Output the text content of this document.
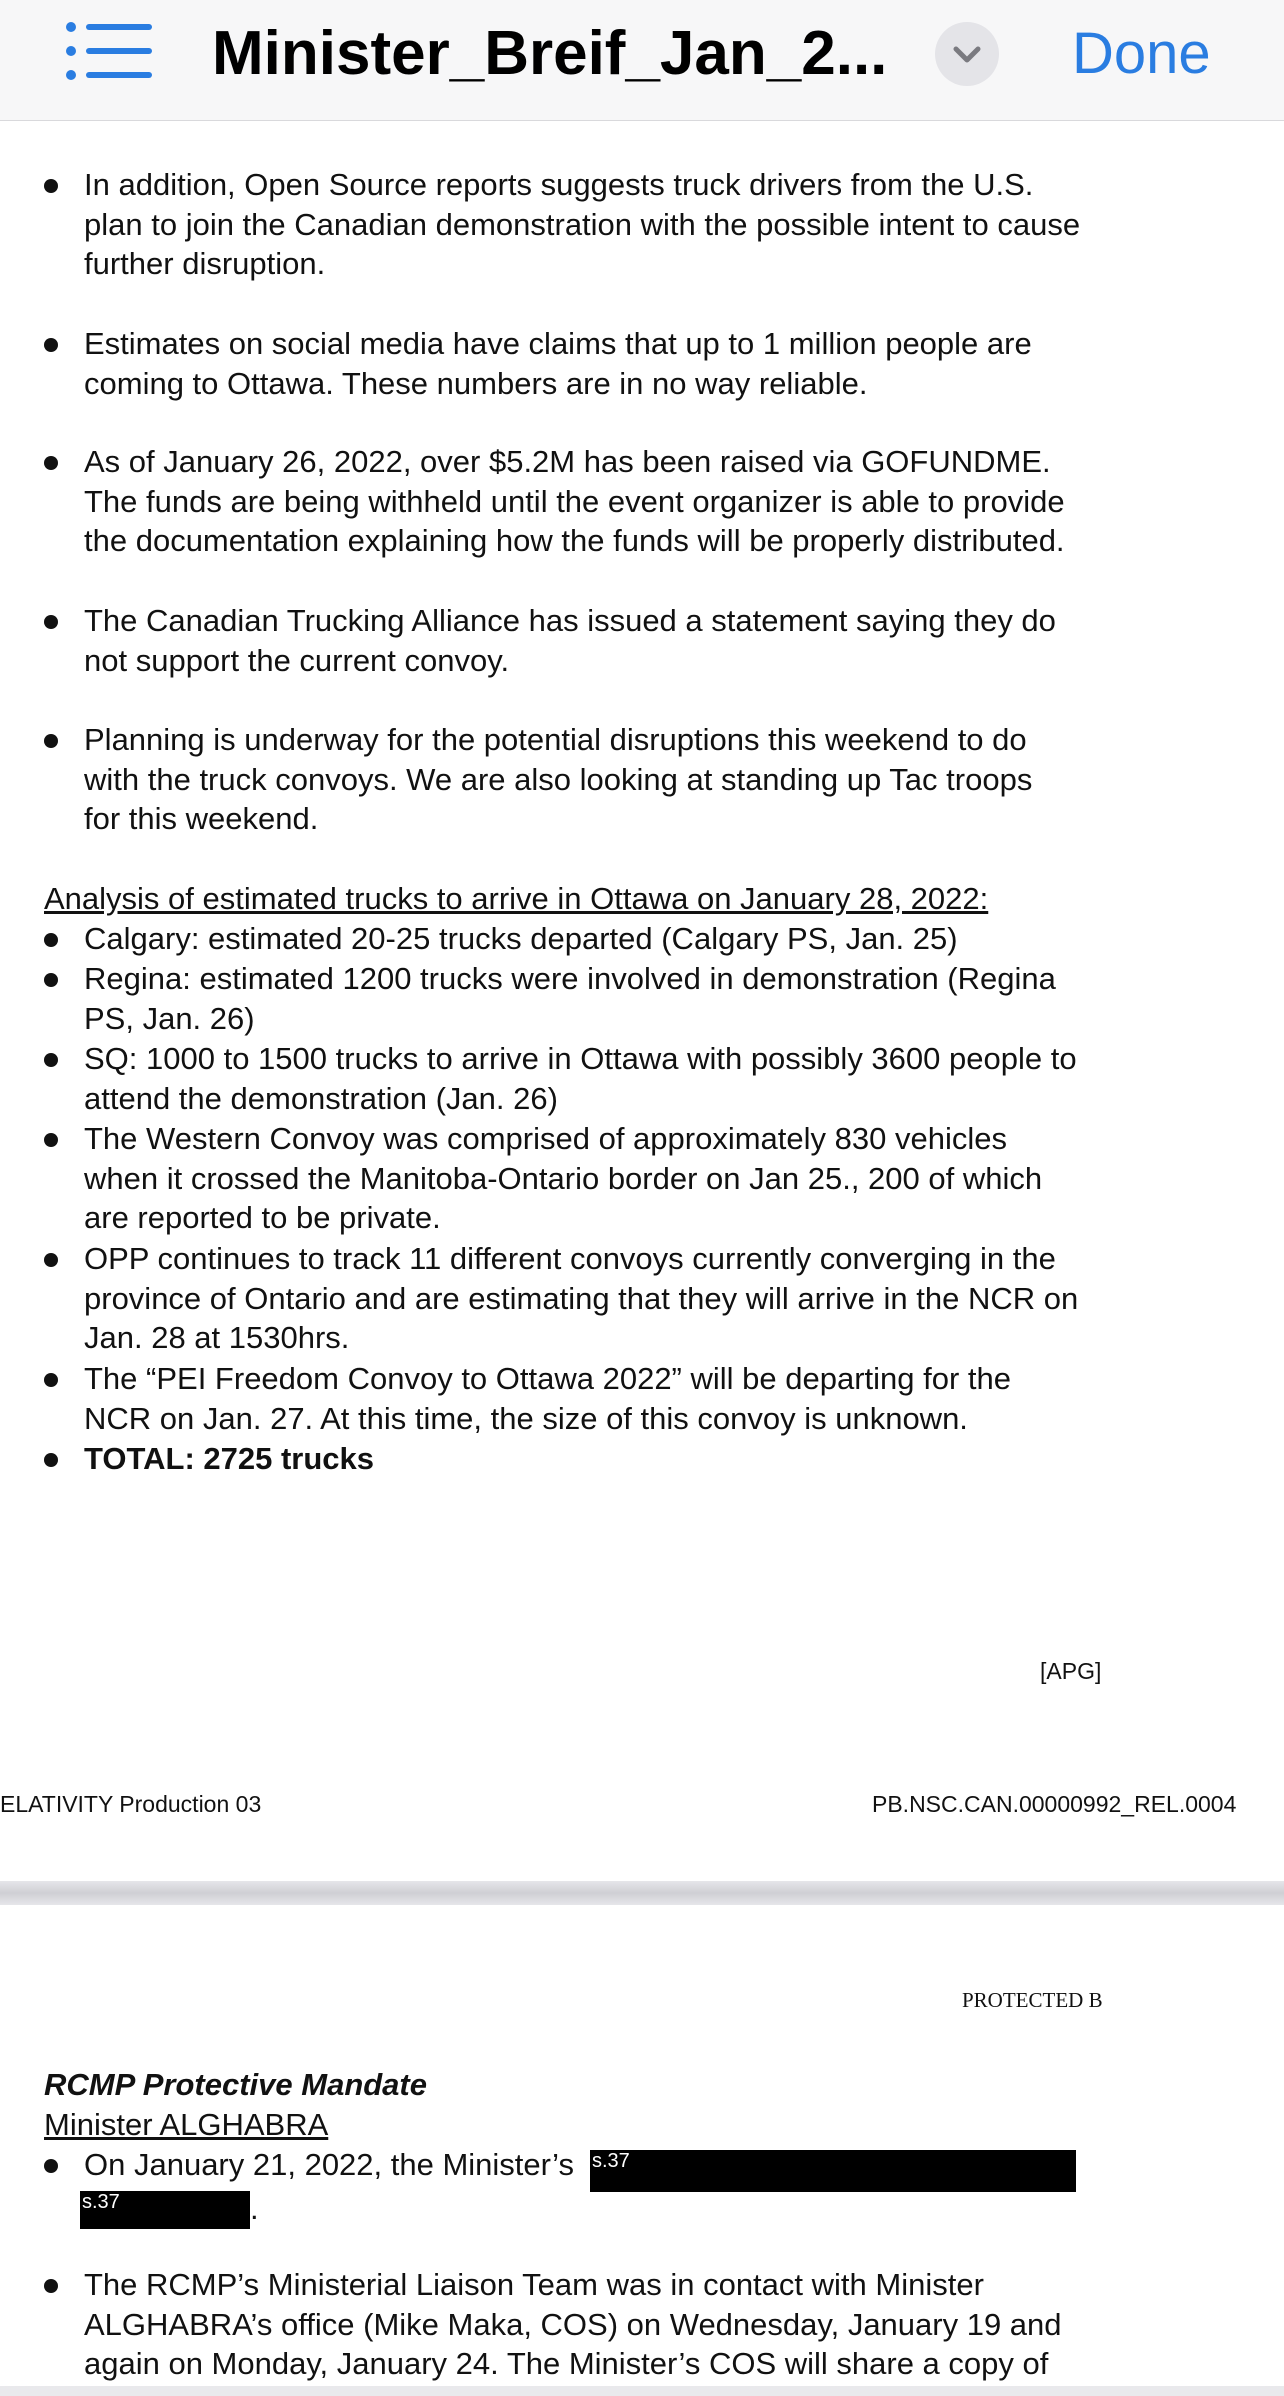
Minister_Breif_Jan_2...	Done
In addition, Open Source reports suggests truck drivers from the U.S.
plan to join the Canadian demonstration with the possible intent to cause
further disruption.
Estimates on social media have claims that up to 1 million people are
coming to Ottawa. These numbers are in no way reliable.
As of January 26, 2022, over $5.2M has been raised via GOFUNDME.
The funds are being withheld until the event organizer is able to provide
the documentation explaining how the funds will be properly distributed.
The Canadian Trucking Alliance has issued a statement saying they do
not support the current convoy.
Planning is underway for the potential disruptions this weekend to do
with the truck convoys. We are also looking at standing up Tac troops
for this weekend.
Analysis of estimated trucks to arrive in Ottawa on January 28, 2022:
Calgary: estimated 20-25 trucks departed (Calgary PS, Jan. 25)
Regina: estimated 1200 trucks were involved in demonstration (Regina
PS, Jan. 26)
SQ: 1000 to 1500 trucks to arrive in Ottawa with possibly 3600 people to
attend the demonstration (Jan. 26)
The Western Convoy was comprised of approximately 830 vehicles
when it crossed the Manitoba-Ontario border on Jan 25., 200 of which
are reported to be private.
OPP continues to track 11 different convoys currently converging in the
province of Ontario and are estimating that they will arrive in the NCR on
Jan. 28 at 1530hrs.
The “PEI Freedom Convoy to Ottawa 2022” will be departing for the
NCR on Jan. 27. At this time, the size of this convoy is unknown.
TOTAL: 2725 trucks
[APG]
ELATIVITY Production 03	PB.NSC.CAN.00000992_REL.0004
PROTECTED B
RCMP Protective Mandate
Minister ALGHABRA
On January 21, 2022, the Minister’s s.37
s.37	.
The RCMP’s Ministerial Liaison Team was in contact with Minister
ALGHABRA’s office (Mike Maka, COS) on Wednesday, January 19 and
again on Monday, January 24. The Minister’s COS will share a copy of
